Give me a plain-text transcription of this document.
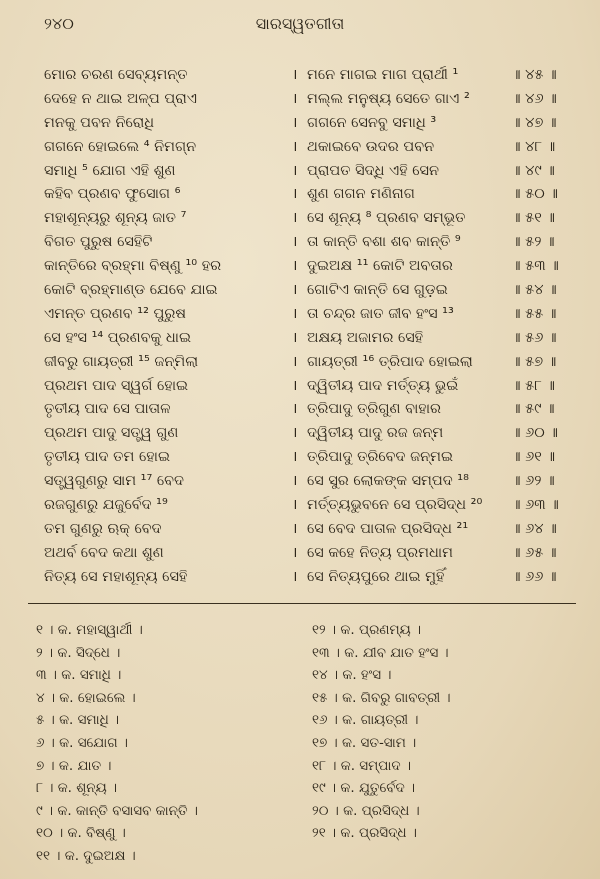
୨୪୦	ସାରସ୍ୱତଗୀତା
ମୋର ଚରଣ ସେବ୍ୟମନ୍ତ	। ମନେ ମାଗଇ ମାଗ ପ୍ରାର୍ଥୀ ¹	॥ ୪୫ ॥
ଦେହେ ନ ଥାଇ ଅଳ୍ପ ପ୍ରାଏ	। ମଲ୍ଲ ମନୁଷ୍ୟ ସେତେ ଗାଏ ²	॥ ୪୬ ॥
ମନକୁ ପବନ ନିରୋଧି	। ଗଗନେ ସେନବୁ ସମାଧି ³	॥ ୪୭ ॥
ଗଗନେ ହୋଇଲେ ⁴ ନିମଗ୍ନ	। ଥକାଇବେ ଉଦର ପବନ	॥ ୪୮ ॥
ସମାଧି ⁵ ଯୋଗ ଏହି ଶୁଣ	। ପ୍ରାପତ ସିଦ୍ଧି ଏହି ସେନ	॥ ୪୯ ॥
କହିବ ପ୍ରଣବ ଫୁସୋଗ ⁶	। ଶୁଣ ଗଗନ ମଣିନାଗ	॥ ୫୦ ॥
ମହାଶୂନ୍ୟରୁ ଶୂନ୍ୟ ଜାତ ⁷	। ସେ ଶୂନ୍ୟ ⁸ ପ୍ରଣବ ସମ୍ଭୂତ	॥ ୫୧ ॥
ବିଗତ ପୁରୁଷ ସେହିଟି	। ତା କାନ୍ତି ବଶା ଶବ କାନ୍ତି ⁹	॥ ୫୨ ॥
କାନ୍ତିରେ ବ୍ରହ୍ମା ବିଷ୍ଣୁ ¹⁰ ହର	। ଦୁଇଅକ୍ଷ ¹¹ କୋଟି ଅବତାର	॥ ୫୩ ॥
କୋଟି ବ୍ରହ୍ମାଣ୍ଡ ଯେବେ ଯାଇ	। ଗୋଟିଏ କାନ୍ତି ସେ ଗୁଡ଼ଇ	॥ ୫୪ ॥
ଏମନ୍ତ ପ୍ରଣବ ¹² ପୁରୁଷ	। ତା ଚନ୍ଦ୍ର ଜାତ ଜୀବ ହଂସ ¹³	॥ ୫୫ ॥
ସେ ହଂସ ¹⁴ ପ୍ରଣବକୁ ଧାଇ	। ଅକ୍ଷୟ ଅଜାମର ସେହି	॥ ୫୬ ॥
ଜୀବରୁ ଗାୟତ୍ରୀ ¹⁵ ଜନ୍ମିଲା	। ଗାୟତ୍ରୀ ¹⁶ ତ୍ରିପାଦ ହୋଇଲା	॥ ୫୭ ॥
ପ୍ରଥମ ପାଦ ସ୍ୱର୍ଗ ହୋଇ	। ଦ୍ୱିତୀୟ ପାଦ ମର୍ତ୍ତ୍ୟ ଭୁଇଁ	॥ ୫୮ ॥
ତୃତୀୟ ପାଦ ସେ ପାତାଳ	। ତ୍ରିପାଦୁ ତ୍ରିଗୁଣ ବାହାର	॥ ୫୯ ॥
ପ୍ରଥମ ପାଦୁ ସତ୍ତ୍ୱ ଗୁଣ	। ଦ୍ୱିତୀୟ ପାଦୁ ରଜ ଜନ୍ମ	॥ ୬୦ ॥
ତୃତୀୟ ପାଦ ତମ ହୋଇ	। ତ୍ରିପାଦୁ ତ୍ରିବେଦ ଜନ୍ମଇ	॥ ୬୧ ॥
ସତ୍ତ୍ୱଗୁଣରୁ ସାମ ¹⁷ ବେଦ	। ସେ ସୁର ଲୋକଙ୍କ ସମ୍ପଦ ¹⁸	॥ ୬୨ ॥
ରଜଗୁଣରୁ ଯଜୁର୍ବେଦ ¹⁹	। ମର୍ତ୍ତ୍ୟଭୁବନେ ସେ ପ୍ରସିଦ୍ଧ ²⁰ ॥ ୬୩ ॥
ତମ ଗୁଣରୁ ଋକ୍ ବେଦ	। ସେ ବେଦ ପାତାଳ ପ୍ରସିଦ୍ଧ ²¹	॥ ୬୪ ॥
ଅଥର୍ବ ବେଦ କଥା ଶୁଣ	। ସେ କହେ ନିତ୍ୟ ପ୍ରମଧାମ	॥ ୬୫ ॥
ନିତ୍ୟ ସେ ମହାଶୂନ୍ୟ ସେହି	। ସେ ନିତ୍ୟପୁରେ ଥାଇ ମୁହିଁ	॥ ୬୬ ॥
୧ । କ. ମହାସ୍ୱାର୍ଥୀ ।
୨ । କ. ସିଦ୍ଧେ ।
୩ । କ. ସମାଧି ।
୪ । କ. ହୋଇଲେ ।
୫ । କ. ସମାଧି ।
୬ । କ. ସଯୋଗ ।
୭ । କ. ଯାତ ।
୮ । କ. ଶୂନ୍ୟ ।
୯ । କ. କାନ୍ତି ବସାସବ କାନ୍ତି ।
୧୦ । କ. ବିଷ୍ଣୁ ।
୧୧ । କ. ଦୁଇଅକ୍ଷ ।
୧୨ । କ. ପ୍ରଣମ୍ୟ ।
୧୩ । କ. ଯୀବ ଯାତ ହଂସ ।
୧୪ । କ. ହଂସ ।
୧୫ । କ. ଗିବରୁ ଗାବତ୍ରୀ ।
୧୬ । କ. ଗାୟତ୍ରୀ ।
୧୭ । କ. ସତ-ସାମ ।
୧୮ । କ. ସମ୍ପାଦ ।
୧୯ । କ. ଯୁତୁର୍ବେଦ ।
୨୦ । କ. ପ୍ରସିଦ୍ଧ ।
୨୧ । କ. ପ୍ରସିଦ୍ଧ ।
